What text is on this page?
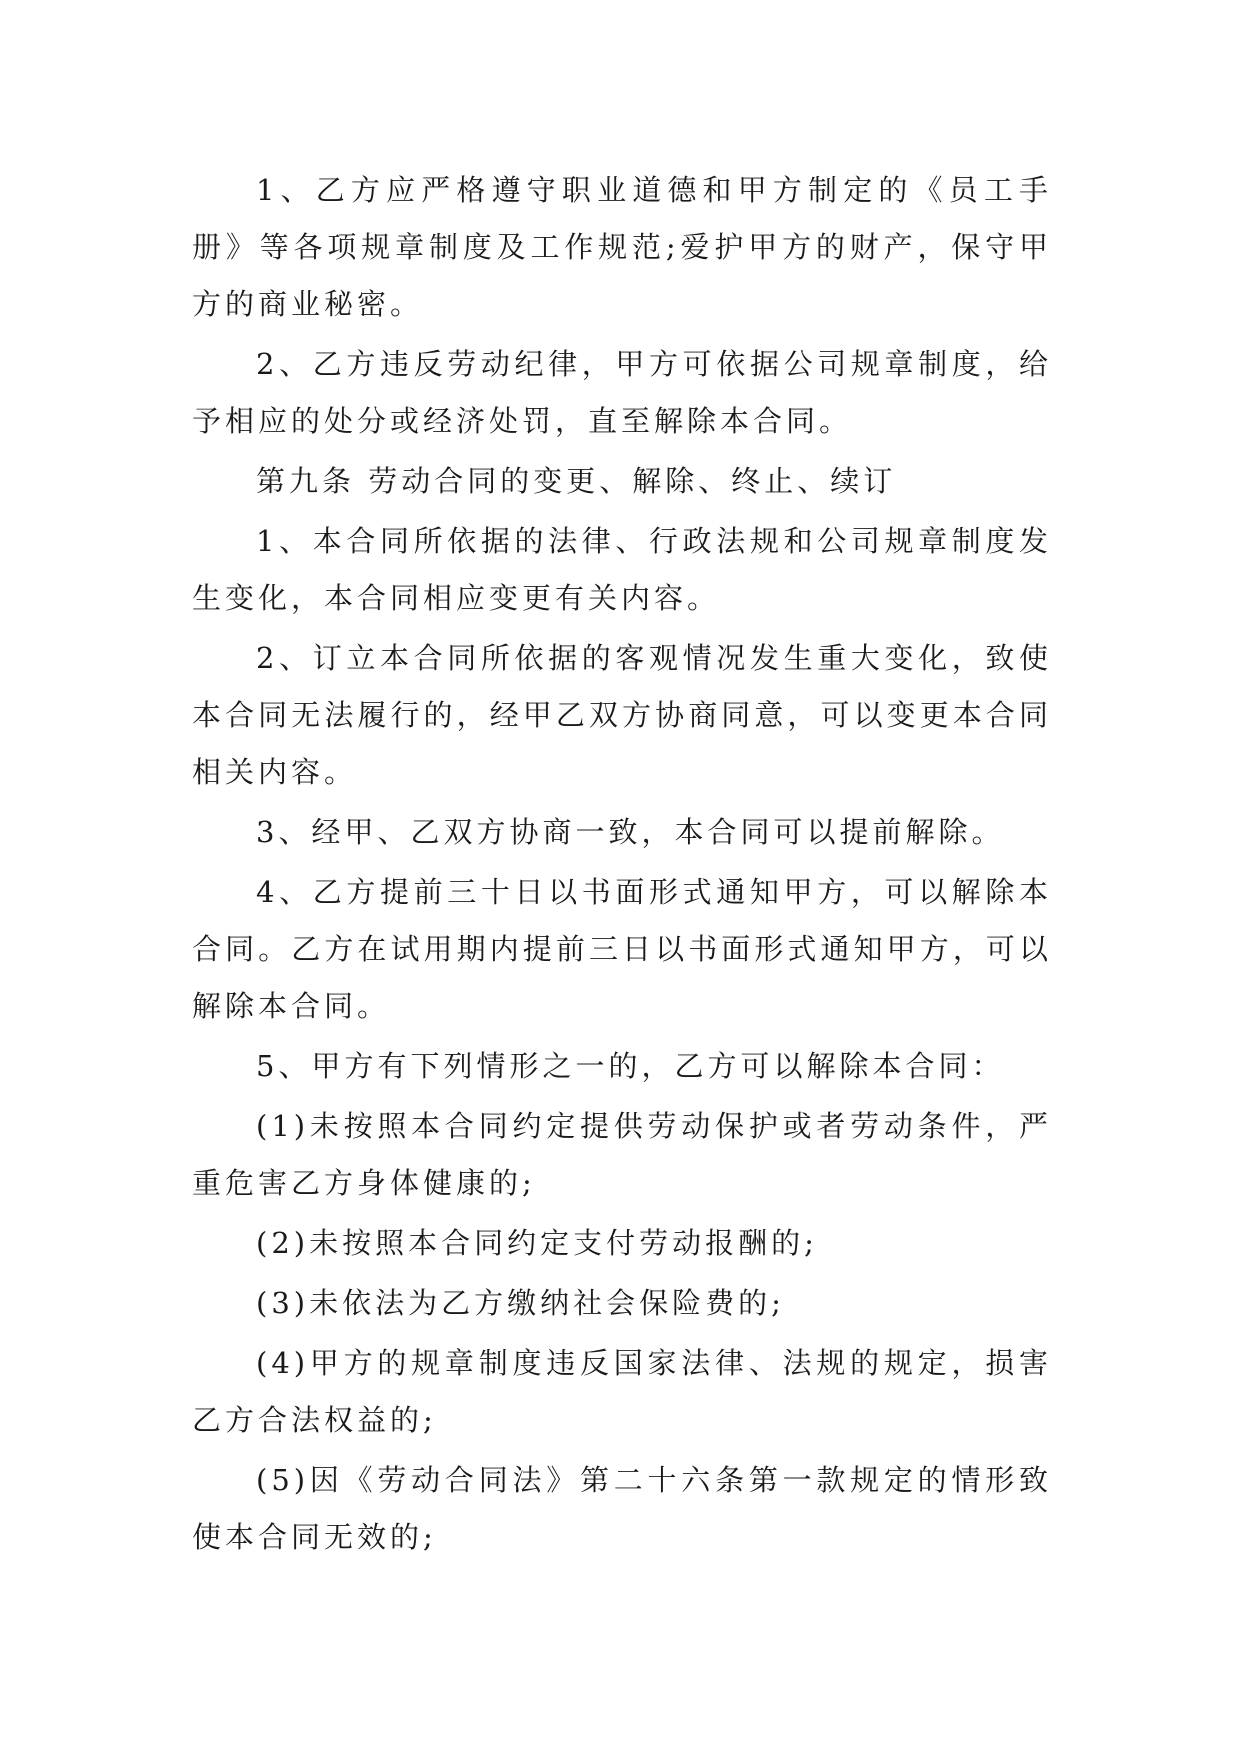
1、乙方应严格遵守职业道德和甲方制定的《员工手册》等各项规章制度及工作规范;爱护甲方的财产，保守甲方的商业秘密。

2、乙方违反劳动纪律，甲方可依据公司规章制度，给予相应的处分或经济处罚，直至解除本合同。

第九条 劳动合同的变更、解除、终止、续订

1、本合同所依据的法律、行政法规和公司规章制度发生变化，本合同相应变更有关内容。

2、订立本合同所依据的客观情况发生重大变化，致使本合同无法履行的，经甲乙双方协商同意，可以变更本合同相关内容。

3、经甲、乙双方协商一致，本合同可以提前解除。

4、乙方提前三十日以书面形式通知甲方，可以解除本合同。乙方在试用期内提前三日以书面形式通知甲方，可以解除本合同。

5、甲方有下列情形之一的，乙方可以解除本合同：

(1)未按照本合同约定提供劳动保护或者劳动条件，严重危害乙方身体健康的;

(2)未按照本合同约定支付劳动报酬的;

(3)未依法为乙方缴纳社会保险费的;

(4)甲方的规章制度违反国家法律、法规的规定，损害乙方合法权益的;

(5)因《劳动合同法》第二十六条第一款规定的情形致使本合同无效的;
